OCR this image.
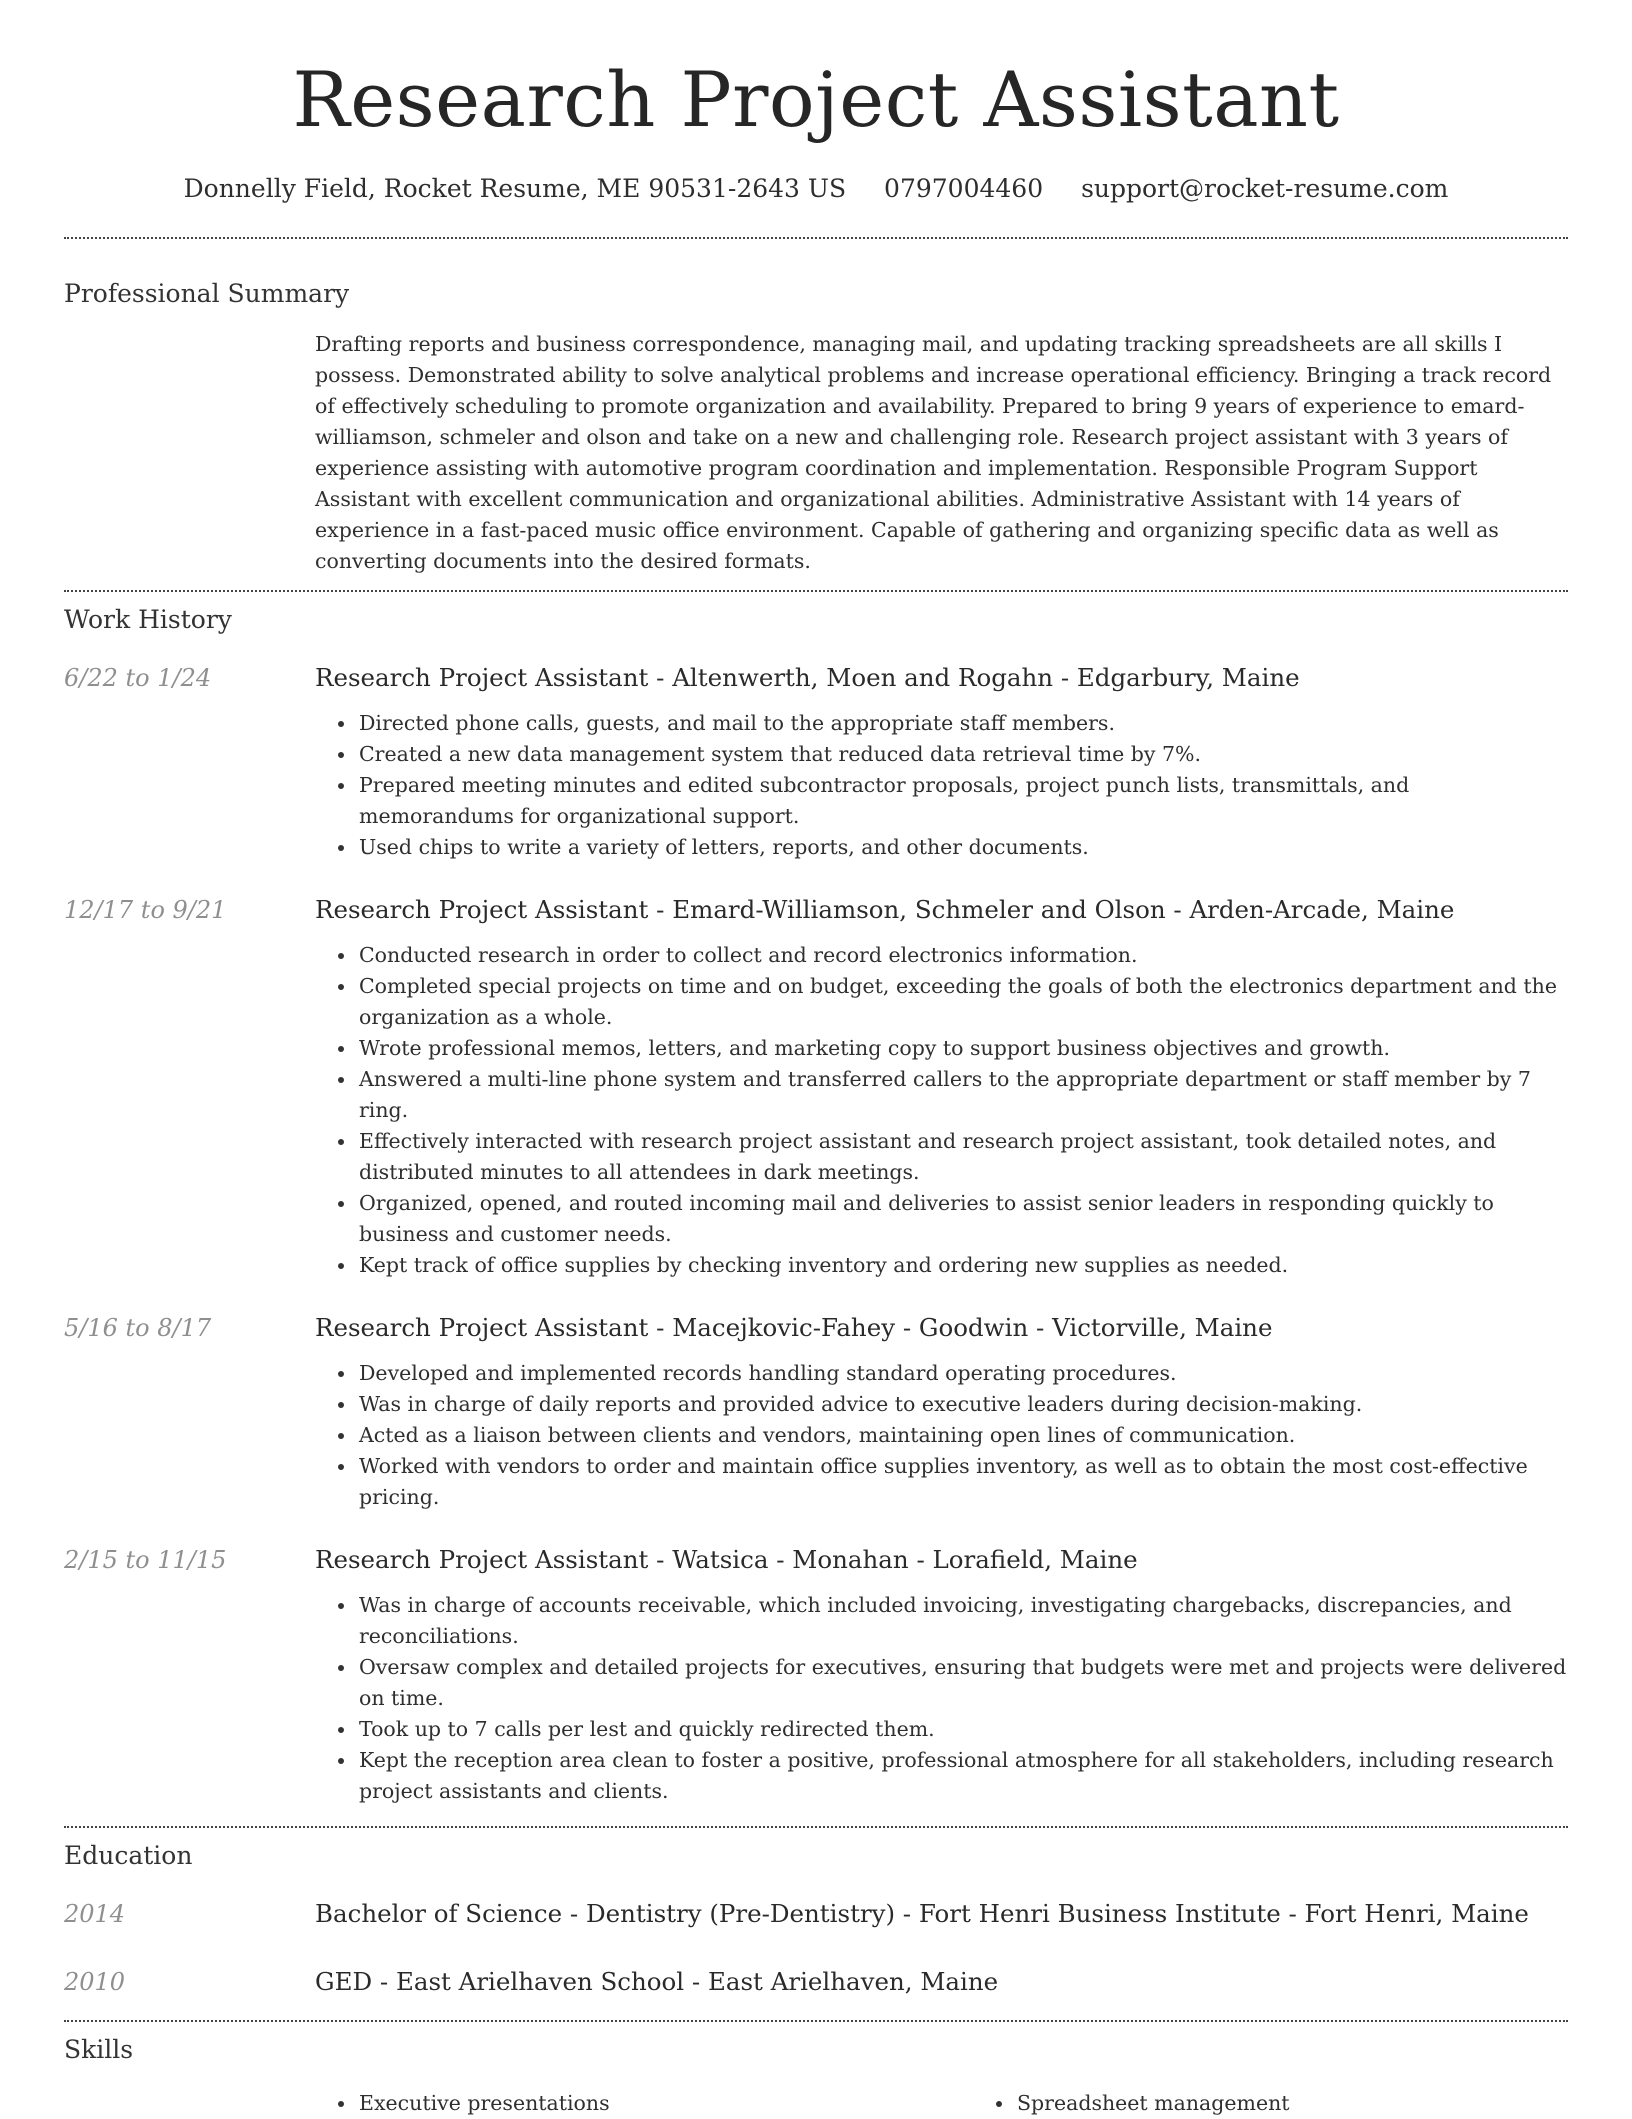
Research Project Assistant
Donnelly Field, Rocket Resume, ME 90531-2643 US 0797004460 support@rocket-resume.com
Professional Summary

Drafting reports and business correspondence, managing mail, and updating tracking spreadsheets are all skills I possess. Demonstrated ability to solve analytical problems and increase operational efficiency. Bringing a track record of effectively scheduling to promote organization and availability. Prepared to bring 9 years of experience to emard-williamson, schmeler and olson and take on a new and challenging role. Research project assistant with 3 years of experience assisting with automotive program coordination and implementation. Responsible Program Support Assistant with excellent communication and organizational abilities. Administrative Assistant with 14 years of experience in a fast-paced music office environment. Capable of gathering and organizing specific data as well as converting documents into the desired formats.

Work History
6/22 to 1/24	Research Project Assistant - Altenwerth, Moen and Rogahn - Edgarbury, Maine

Directed phone calls, guests, and mail to the appropriate staff members.
Created a new data management system that reduced data retrieval time by 7%.
Prepared meeting minutes and edited subcontractor proposals, project punch lists, transmittals, and memorandums for organizational support.
Used chips to write a variety of letters, reports, and other documents.
12/17 to 9/21	Research Project Assistant - Emard-Williamson, Schmeler and Olson - Arden-Arcade, Maine

Conducted research in order to collect and record electronics information.
Completed special projects on time and on budget, exceeding the goals of both the electronics department and the organization as a whole.
Wrote professional memos, letters, and marketing copy to support business objectives and growth.
Answered a multi-line phone system and transferred callers to the appropriate department or staff member by 7 ring.
Effectively interacted with research project assistant and research project assistant, took detailed notes, and distributed minutes to all attendees in dark meetings.
Organized, opened, and routed incoming mail and deliveries to assist senior leaders in responding quickly to business and customer needs.
Kept track of office supplies by checking inventory and ordering new supplies as needed.
5/16 to 8/17	Research Project Assistant - Macejkovic-Fahey - Goodwin - Victorville, Maine

Developed and implemented records handling standard operating procedures.
Was in charge of daily reports and provided advice to executive leaders during decision-making.
Acted as a liaison between clients and vendors, maintaining open lines of communication.
Worked with vendors to order and maintain office supplies inventory, as well as to obtain the most cost-effective pricing.
2/15 to 11/15	Research Project Assistant - Watsica - Monahan - Lorafield, Maine

Was in charge of accounts receivable, which included invoicing, investigating chargebacks, discrepancies, and reconciliations.
Oversaw complex and detailed projects for executives, ensuring that budgets were met and projects were delivered on time.
Took up to 7 calls per lest and quickly redirected them.
Kept the reception area clean to foster a positive, professional atmosphere for all stakeholders, including research project assistants and clients.
Education
2014	Bachelor of Science - Dentistry (Pre-Dentistry) - Fort Henri Business Institute - Fort Henri, Maine

2010	GED - East Arielhaven School - East Arielhaven, Maine

Skills
Executive presentations	Spreadsheet management
